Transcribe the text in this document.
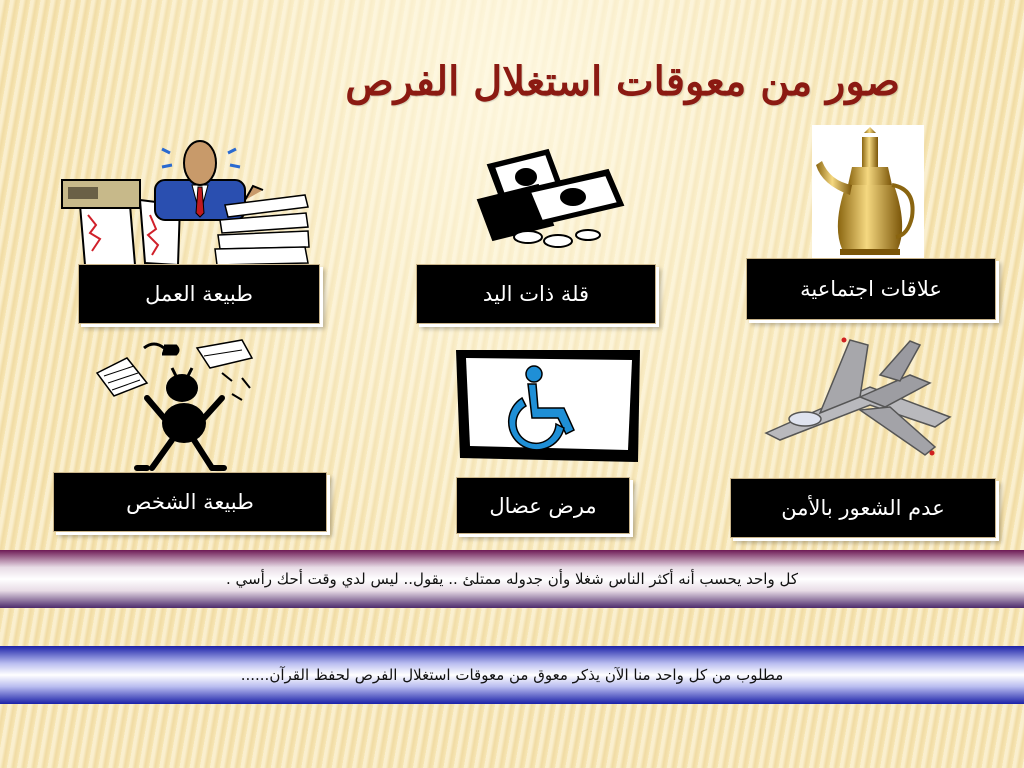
صور من معوقات استغلال الفرص
طبيعة العمل	قلة ذات اليد	علاقات اجتماعية
طبيعة الشخص	مرض عضال	عدم الشعور بالأمن
كل واحد يحسب أنه أكثر الناس شغلا وأن جدوله ممتلئ .. يقول.. ليس لدي وقت أحك رأسي .
مطلوب من كل واحد منا الآن يذكر معوق من معوقات استغلال الفرص لحفظ القرآن......
